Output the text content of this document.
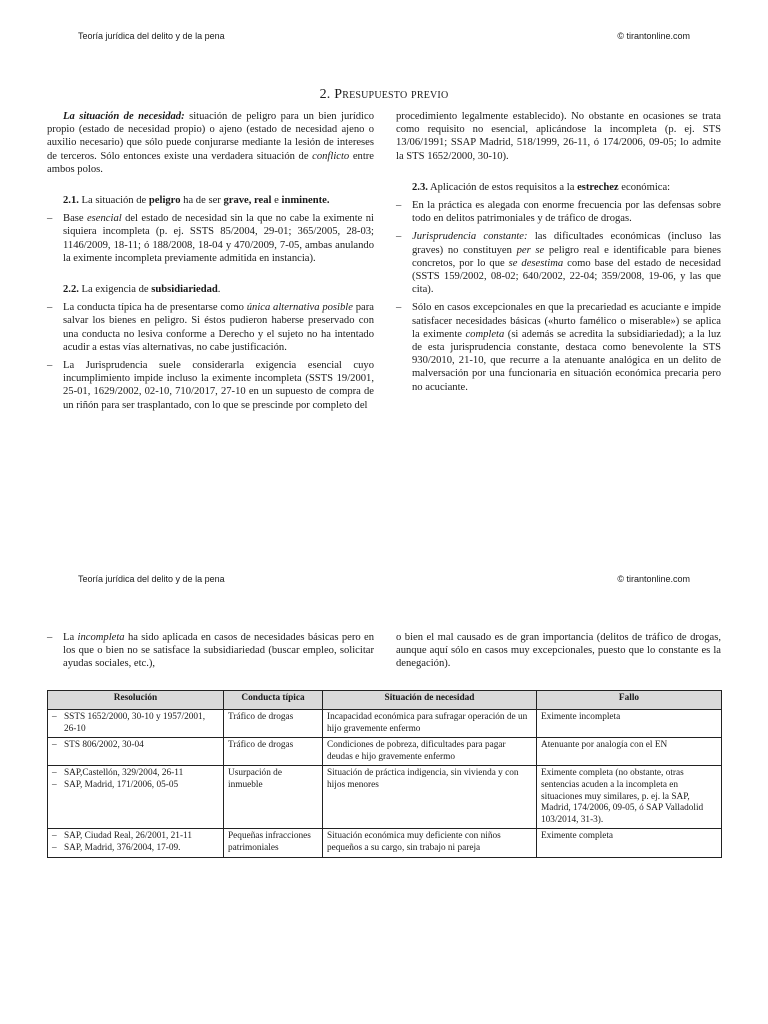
Teoría jurídica del delito y de la pena	© tirantonline.com
2. Presupuesto previo

La situación de necesidad: situación de peligro para un bien jurídico propio (estado de necesidad propio) o ajeno (estado de necesidad ajeno o auxilio necesario) que sólo puede conjurarse mediante la lesión de intereses de terceros. Sólo entonces existe una verdadera situación de conflicto entre ambos polos.

2.1. La situación de peligro ha de ser grave, real e inminente.

– Base esencial del estado de necesidad sin la que no cabe la eximente ni siquiera incompleta (p. ej. SSTS 85/2004, 29-01; 365/2005, 28-03; 1146/2009, 18-11; ó 188/2008, 18-04 y 470/2009, 7-05, ambas anulando la eximente incompleta previamente admitida en instancia).

2.2. La exigencia de subsidiariedad.

– La conducta típica ha de presentarse como única alternativa posible para salvar los bienes en peligro. Si éstos pudieron haberse preservado con una conducta no lesiva conforme a Derecho y el sujeto no ha intentado acudir a estas vías alternativas, no cabe justificación.
– La Jurisprudencia suele considerarla exigencia esencial cuyo incumplimiento impide incluso la eximente incompleta (SSTS 19/2001, 25-01, 1629/2002, 02-10, 710/2017, 27-10 en un supuesto de compra de un riñón para ser trasplantado, con lo que se prescinde por completo del

procedimiento legalmente establecido). No obstante en ocasiones se trata como requisito no esencial, aplicándose la incompleta (p. ej. STS 13/06/1991; SSAP Madrid, 518/1999, 26-11, ó 174/2006, 09-05; lo admite la STS 1652/2000, 30-10).

2.3. Aplicación de estos requisitos a la estrechez económica:

– En la práctica es alegada con enorme frecuencia por las defensas sobre todo en delitos patrimoniales y de tráfico de drogas.
– Jurisprudencia constante: las dificultades económicas (incluso las graves) no constituyen per se peligro real e identificable para bienes concretos, por lo que se desestima como base del estado de necesidad (SSTS 159/2002, 08-02; 640/2002, 22-04; 359/2008, 19-06, y las que cita).
– Sólo en casos excepcionales en que la precariedad es acuciante e impide satisfacer necesidades básicas («hurto famélico o miserable») se aplica la eximente completa (si además se acredita la subsidiariedad); a la luz de esta jurisprudencia constante, destaca como benevolente la STS 930/2010, 21-10, que recurre a la atenuante analógica en un delito de malversación por una funcionaria en situación económica precaria pero no acuciante.
Teoría jurídica del delito y de la pena	© tirantonline.com
– La incompleta ha sido aplicada en casos de necesidades básicas pero en los que o bien no se satisface la subsidiariedad (buscar empleo, solicitar ayudas sociales, etc.),

o bien el mal causado es de gran importancia (delitos de tráfico de drogas, aunque aquí sólo en casos muy excepcionales, puesto que lo constante es la denegación).

Resolución	Conducta típica	Situación de necesidad	Fallo

– SSTS 1652/2000, 30-10 y 1957/2001, 26-10	Tráfico de drogas	Incapacidad económica para sufragar operación de un hijo gravemente enfermo	Eximente incompleta

– STS 806/2002, 30-04	Tráfico de drogas	Condiciones de pobreza, dificultades para pagar deudas e hijo gravemente enfermo	Atenuante por analogía con el EN

– SAP,Castellón, 329/2004, 26-11
– SAP, Madrid, 171/2006, 05-05	Usurpación de inmueble	Situación de práctica indigencia, sin vivienda y con hijos menores	Eximente completa (no obstante, otras sentencias acuden a la incompleta en situaciones muy similares, p. ej. la SAP, Madrid, 174/2006, 09-05, ó SAP Valladolid 103/2014, 31-3).

– SAP, Ciudad Real, 26/2001, 21-11
– SAP, Madrid, 376/2004, 17-09.	Pequeñas infracciones patrimoniales	Situación económica muy deficiente con niños pequeños a su cargo, sin trabajo ni pareja	Eximente completa
